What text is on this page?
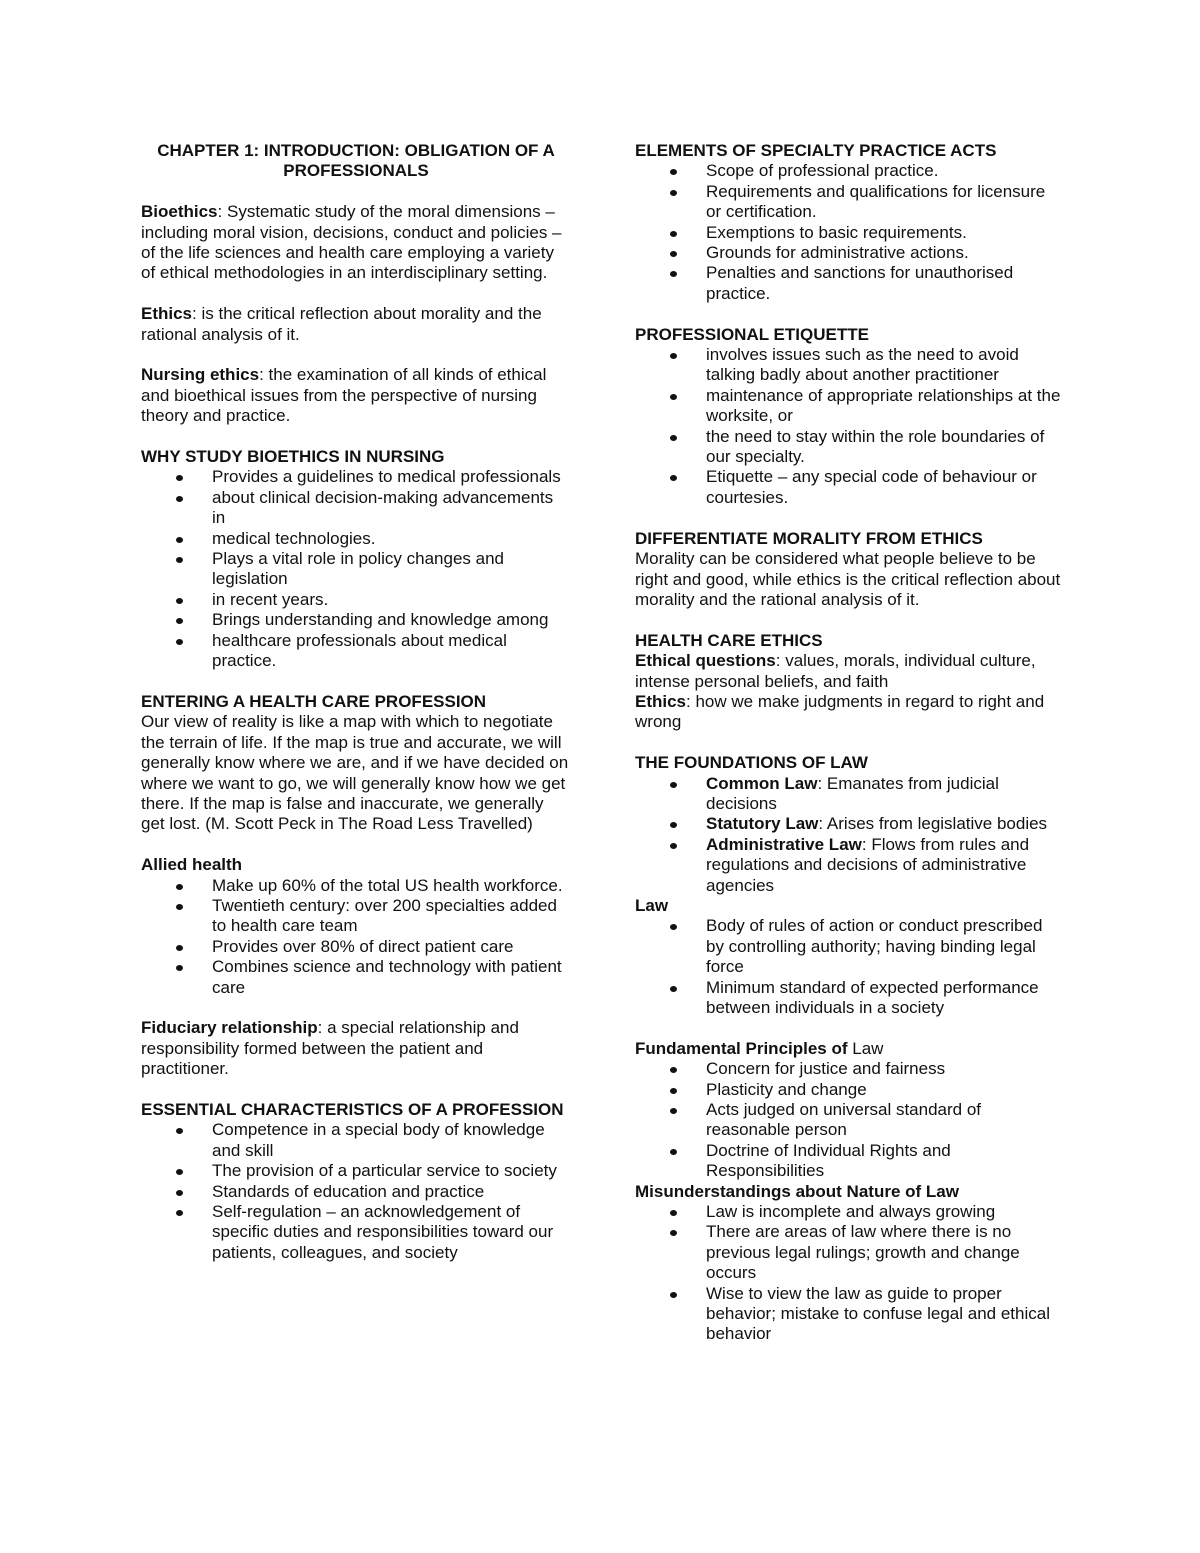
CHAPTER 1: INTRODUCTION: OBLIGATION OF A PROFESSIONALS
Bioethics: Systematic study of the moral dimensions – including moral vision, decisions, conduct and policies – of the life sciences and health care employing a variety of ethical methodologies in an interdisciplinary setting.
Ethics: is the critical reflection about morality and the rational analysis of it.
Nursing ethics: the examination of all kinds of ethical and bioethical issues from the perspective of nursing theory and practice.
WHY STUDY BIOETHICS IN NURSING
Provides a guidelines to medical professionals
about clinical decision-making advancements in
medical technologies.
Plays a vital role in policy changes and legislation
in recent years.
Brings understanding and knowledge among
healthcare professionals about medical practice.
ENTERING A HEALTH CARE PROFESSION
Our view of reality is like a map with which to negotiate the terrain of life. If the map is true and accurate, we will generally know where we are, and if we have decided on where we want to go, we will generally know how we get there. If the map is false and inaccurate, we generally get lost. (M. Scott Peck in The Road Less Travelled)
Allied health
Make up 60% of the total US health workforce.
Twentieth century: over 200 specialties added to health care team
Provides over 80% of direct patient care
Combines science and technology with patient care
Fiduciary relationship: a special relationship and responsibility formed between the patient and practitioner.
ESSENTIAL CHARACTERISTICS OF A PROFESSION
Competence in a special body of knowledge and skill
The provision of a particular service to society
Standards of education and practice
Self-regulation – an acknowledgement of specific duties and responsibilities toward our patients, colleagues, and society
ELEMENTS OF SPECIALTY PRACTICE ACTS
Scope of professional practice.
Requirements and qualifications for licensure or certification.
Exemptions to basic requirements.
Grounds for administrative actions.
Penalties and sanctions for unauthorised practice.
PROFESSIONAL ETIQUETTE
involves issues such as the need to avoid talking badly about another practitioner
maintenance of appropriate relationships at the worksite, or
the need to stay within the role boundaries of our specialty.
Etiquette – any special code of behaviour or courtesies.
DIFFERENTIATE MORALITY FROM ETHICS
Morality can be considered what people believe to be right and good, while ethics is the critical reflection about morality and the rational analysis of it.
HEALTH CARE ETHICS
Ethical questions: values, morals, individual culture, intense personal beliefs, and faith
Ethics: how we make judgments in regard to right and wrong
THE FOUNDATIONS OF LAW
Common Law: Emanates from judicial decisions
Statutory Law: Arises from legislative bodies
Administrative Law: Flows from rules and regulations and decisions of administrative agencies
Law
Body of rules of action or conduct prescribed by controlling authority; having binding legal force
Minimum standard of expected performance between individuals in a society
Fundamental Principles of Law
Concern for justice and fairness
Plasticity and change
Acts judged on universal standard of reasonable person
Doctrine of Individual Rights and Responsibilities
Misunderstandings about Nature of Law
Law is incomplete and always growing
There are areas of law where there is no previous legal rulings; growth and change occurs
Wise to view the law as guide to proper behavior; mistake to confuse legal and ethical behavior
